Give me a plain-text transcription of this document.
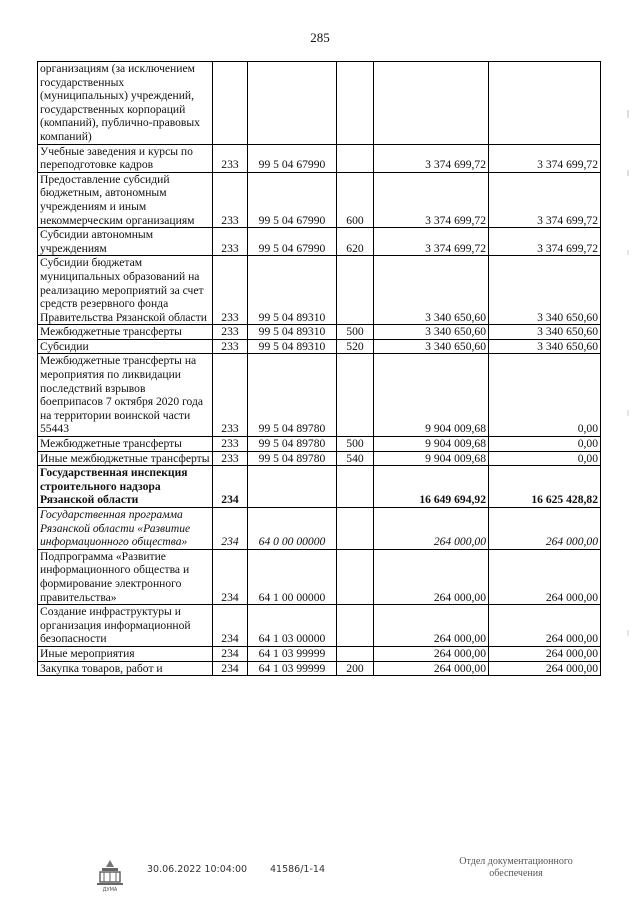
285
организациям (за исключением государственных (муниципальных) учреждений, государственных корпораций (компаний), публично-правовых компаний)					
Учебные заведения и курсы по переподготовке кадров	233	99 5 04 67990		3 374 699,72	3 374 699,72
Предоставление субсидий бюджетным, автономным учреждениям и иным некоммерческим организациям	233	99 5 04 67990	600	3 374 699,72	3 374 699,72
Субсидии автономным учреждениям	233	99 5 04 67990	620	3 374 699,72	3 374 699,72
Субсидии бюджетам муниципальных образований на реализацию мероприятий за счет средств резервного фонда Правительства Рязанской области	233	99 5 04 89310		3 340 650,60	3 340 650,60
Межбюджетные трансферты	233	99 5 04 89310	500	3 340 650,60	3 340 650,60
Субсидии	233	99 5 04 89310	520	3 340 650,60	3 340 650,60
Межбюджетные трансферты на мероприятия по ликвидации последствий взрывов боеприпасов 7 октября 2020 года на территории воинской части 55443	233	99 5 04 89780		9 904 009,68	0,00
Межбюджетные трансферты	233	99 5 04 89780	500	9 904 009,68	0,00
Иные межбюджетные трансферты	233	99 5 04 89780	540	9 904 009,68	0,00
Государственная инспекция строительного надзора Рязанской области	234			16 649 694,92	16 625 428,82
Государственная программа Рязанской области «Развитие информационного общества»	234	64 0 00 00000		264 000,00	264 000,00
Подпрограмма «Развитие информационного общества и формирование электронного правительства»	234	64 1 00 00000		264 000,00	264 000,00
Создание инфраструктуры и организация информационной безопасности	234	64 1 03 00000		264 000,00	264 000,00
Иные мероприятия	234	64 1 03 99999		264 000,00	264 000,00
Закупка товаров, работ и	234	64 1 03 99999	200	264 000,00	264 000,00
ДУМА
30.06.2022 10:04:00 41586/1-14
Отдел документационного обеспечения
